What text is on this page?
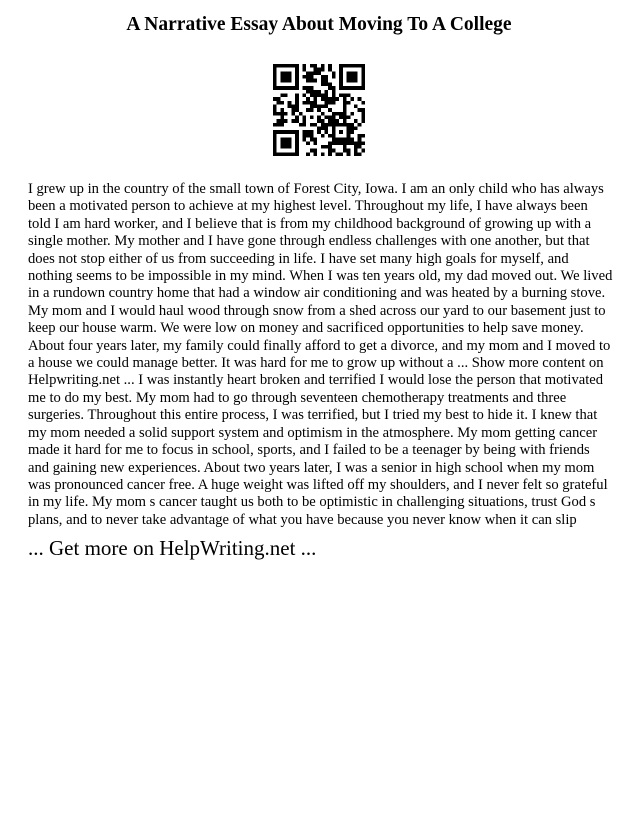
A Narrative Essay About Moving To A College

I grew up in the country of the small town of Forest City, Iowa. I am an only child who has always been a motivated person to achieve at my highest level. Throughout my life, I have always been told I am hard worker, and I believe that is from my childhood background of growing up with a single mother. My mother and I have gone through endless challenges with one another, but that does not stop either of us from succeeding in life. I have set many high goals for myself, and nothing seems to be impossible in my mind. When I was ten years old, my dad moved out. We lived in a rundown country home that had a window air conditioning and was heated by a burning stove. My mom and I would haul wood through snow from a shed across our yard to our basement just to keep our house warm. We were low on money and sacrificed opportunities to help save money. About four years later, my family could finally afford to get a divorce, and my mom and I moved to a house we could manage better. It was hard for me to grow up without a ... Show more content on Helpwriting.net ... I was instantly heart broken and terrified I would lose the person that motivated me to do my best. My mom had to go through seventeen chemotherapy treatments and three surgeries. Throughout this entire process, I was terrified, but I tried my best to hide it. I knew that my mom needed a solid support system and optimism in the atmosphere. My mom getting cancer made it hard for me to focus in school, sports, and I failed to be a teenager by being with friends and gaining new experiences. About two years later, I was a senior in high school when my mom was pronounced cancer free. A huge weight was lifted off my shoulders, and I never felt so grateful in my life. My mom s cancer taught us both to be optimistic in challenging situations, trust God s plans, and to never take advantage of what you have because you never know when it can slip

... Get more on HelpWriting.net ...
